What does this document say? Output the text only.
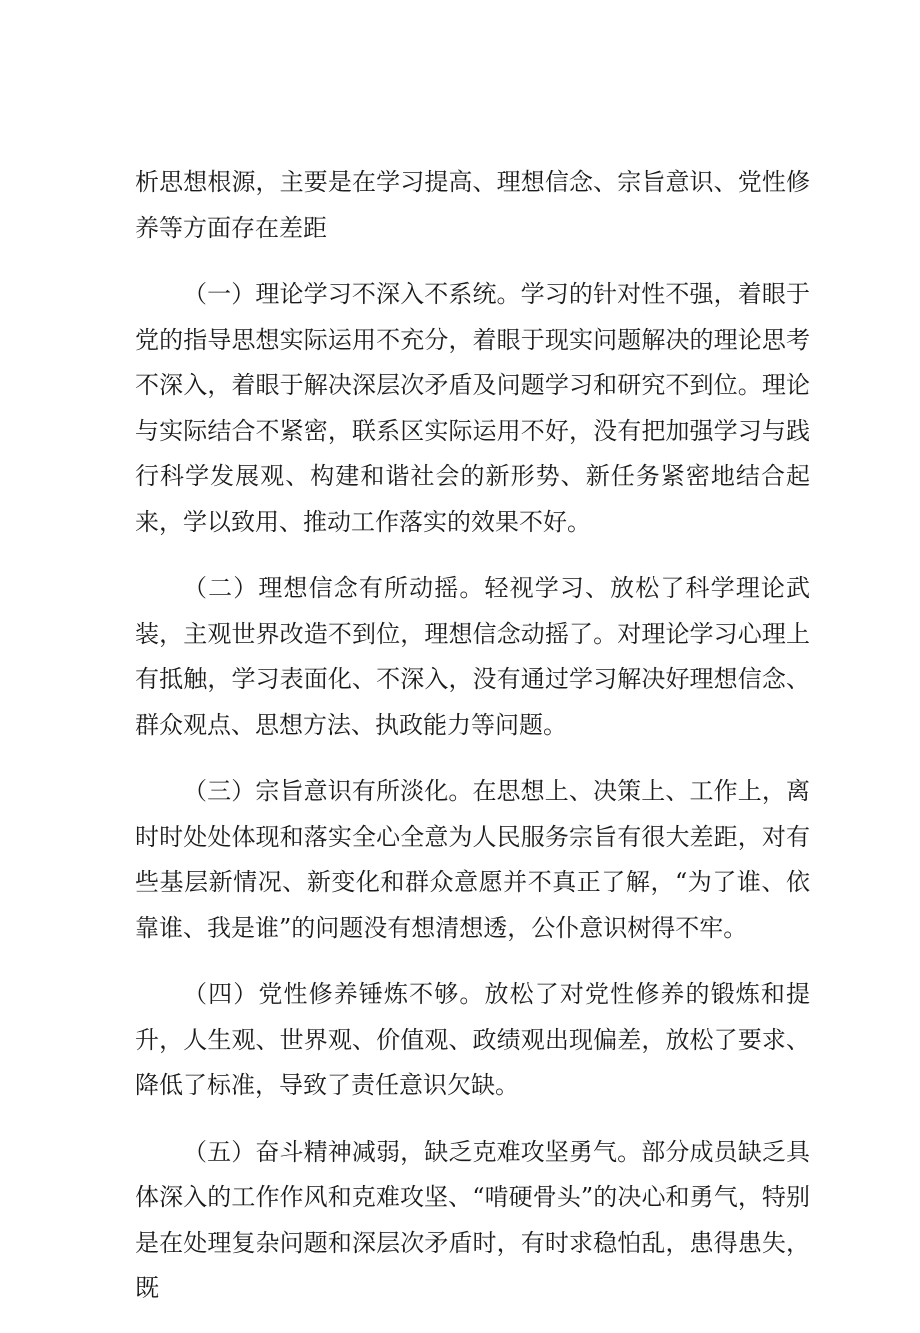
析思想根源，主要是在学习提高、理想信念、宗旨意识、党性修养等方面存在差距

（一）理论学习不深入不系统。学习的针对性不强，着眼于党的指导思想实际运用不充分，着眼于现实问题解决的理论思考不深入，着眼于解决深层次矛盾及问题学习和研究不到位。理论与实际结合不紧密，联系区实际运用不好，没有把加强学习与践行科学发展观、构建和谐社会的新形势、新任务紧密地结合起来，学以致用、推动工作落实的效果不好。

（二）理想信念有所动摇。轻视学习、放松了科学理论武装，主观世界改造不到位，理想信念动摇了。对理论学习心理上有抵触，学习表面化、不深入，没有通过学习解决好理想信念、群众观点、思想方法、执政能力等问题。

（三）宗旨意识有所淡化。在思想上、决策上、工作上，离时时处处体现和落实全心全意为人民服务宗旨有很大差距，对有些基层新情况、新变化和群众意愿并不真正了解，“为了谁、依靠谁、我是谁”的问题没有想清想透，公仆意识树得不牢。

（四）党性修养锤炼不够。放松了对党性修养的锻炼和提升，人生观、世界观、价值观、政绩观出现偏差，放松了要求、降低了标准，导致了责任意识欠缺。

（五）奋斗精神减弱，缺乏克难攻坚勇气。部分成员缺乏具体深入的工作作风和克难攻坚、“啃硬骨头”的决心和勇气，特别是在处理复杂问题和深层次矛盾时，有时求稳怕乱，患得患失，既
